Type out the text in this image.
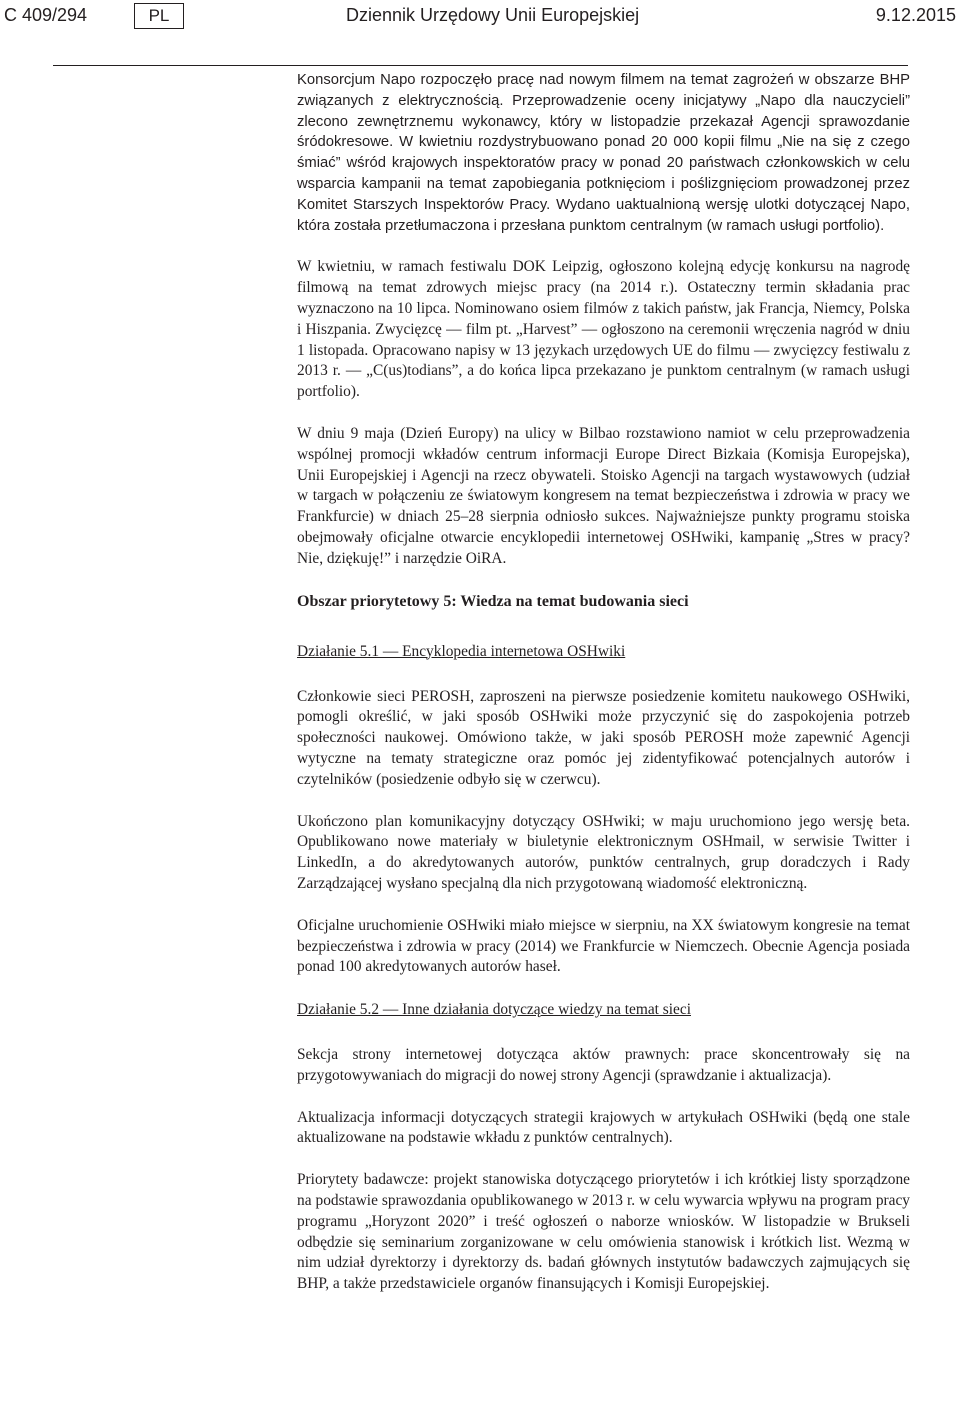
C 409/294	PL	Dziennik Urzędowy Unii Europejskiej	9.12.2015

Konsorcjum Napo rozpoczęło pracę nad nowym filmem na temat zagrożeń w obszarze BHP związanych z elektrycznością. Przeprowadzenie oceny inicjatywy „Napo dla nauczycieli” zlecono zewnętrznemu wykonawcy, który w listopadzie przekazał Agencji sprawozdanie śródokresowe. W kwietniu rozdystrybuowano ponad 20 000 kopii filmu „Nie na się z czego śmiać” wśród krajowych inspektoratów pracy w ponad 20 państwach członkowskich w celu wsparcia kampanii na temat zapobiegania potknięciom i poślizgnięciom prowadzonej przez Komitet Starszych Inspektorów Pracy. Wydano uaktualnioną wersję ulotki dotyczącej Napo, która została przetłumaczona i przesłana punktom centralnym (w ramach usługi portfolio).

W kwietniu, w ramach festiwalu DOK Leipzig, ogłoszono kolejną edycję konkursu na nagrodę filmową na temat zdrowych miejsc pracy (na 2014 r.). Ostateczny termin składania prac wyznaczono na 10 lipca. Nominowano osiem filmów z takich państw, jak Francja, Niemcy, Polska i Hiszpania. Zwycięzcę — film pt. „Harvest” — ogłoszono na ceremonii wręczenia nagród w dniu 1 listopada. Opracowano napisy w 13 językach urzędowych UE do filmu — zwycięzcy festiwalu z 2013 r. — „C(us)todians”, a do końca lipca przekazano je punktom centralnym (w ramach usługi portfolio).

W dniu 9 maja (Dzień Europy) na ulicy w Bilbao rozstawiono namiot w celu przeprowadzenia wspólnej promocji wkładów centrum informacji Europe Direct Bizkaia (Komisja Europejska), Unii Europejskiej i Agencji na rzecz obywateli. Stoisko Agencji na targach wystawowych (udział w targach w połączeniu ze światowym kongresem na temat bezpieczeństwa i zdrowia w pracy we Frankfurcie) w dniach 25–28 sierpnia odniosło sukces. Najważniejsze punkty programu stoiska obejmowały oficjalne otwarcie encyklopedii internetowej OSHwiki, kampanię „Stres w pracy? Nie, dziękuję!” i narzędzie OiRA.

Obszar priorytetowy 5: Wiedza na temat budowania sieci
Działanie 5.1 — Encyklopedia internetowa OSHwiki

Członkowie sieci PEROSH, zaproszeni na pierwsze posiedzenie komitetu naukowego OSHwiki, pomogli określić, w jaki sposób OSHwiki może przyczynić się do zaspokojenia potrzeb społeczności naukowej. Omówiono także, w jaki sposób PEROSH może zapewnić Agencji wytyczne na tematy strategiczne oraz pomóc jej zidentyfikować potencjalnych autorów i czytelników (posiedzenie odbyło się w czerwcu).

Ukończono plan komunikacyjny dotyczący OSHwiki; w maju uruchomiono jego wersję beta. Opublikowano nowe materiały w biuletynie elektronicznym OSHmail, w serwisie Twitter i LinkedIn, a do akredytowanych autorów, punktów centralnych, grup doradczych i Rady Zarządzającej wysłano specjalną dla nich przygotowaną wiadomość elektroniczną.

Oficjalne uruchomienie OSHwiki miało miejsce w sierpniu, na XX światowym kongresie na temat bezpieczeństwa i zdrowia w pracy (2014) we Frankfurcie w Niemczech. Obecnie Agencja posiada ponad 100 akredytowanych autorów haseł.

Działanie 5.2 — Inne działania dotyczące wiedzy na temat sieci

Sekcja strony internetowej dotycząca aktów prawnych: prace skoncentrowały się na przygotowywaniach do migracji do nowej strony Agencji (sprawdzanie i aktualizacja).

Aktualizacja informacji dotyczących strategii krajowych w artykułach OSHwiki (będą one stale aktualizowane na podstawie wkładu z punktów centralnych).

Priorytety badawcze: projekt stanowiska dotyczącego priorytetów i ich krótkiej listy sporządzone na podstawie sprawozdania opublikowanego w 2013 r. w celu wywarcia wpływu na program pracy programu „Horyzont 2020” i treść ogłoszeń o naborze wniosków. W listopadzie w Brukseli odbędzie się seminarium zorganizowane w celu omówienia stanowisk i krótkich list. Wezmą w nim udział dyrektorzy i dyrektorzy ds. badań głównych instytutów badawczych zajmujących się BHP, a także przedstawiciele organów finansujących i Komisji Europejskiej.
